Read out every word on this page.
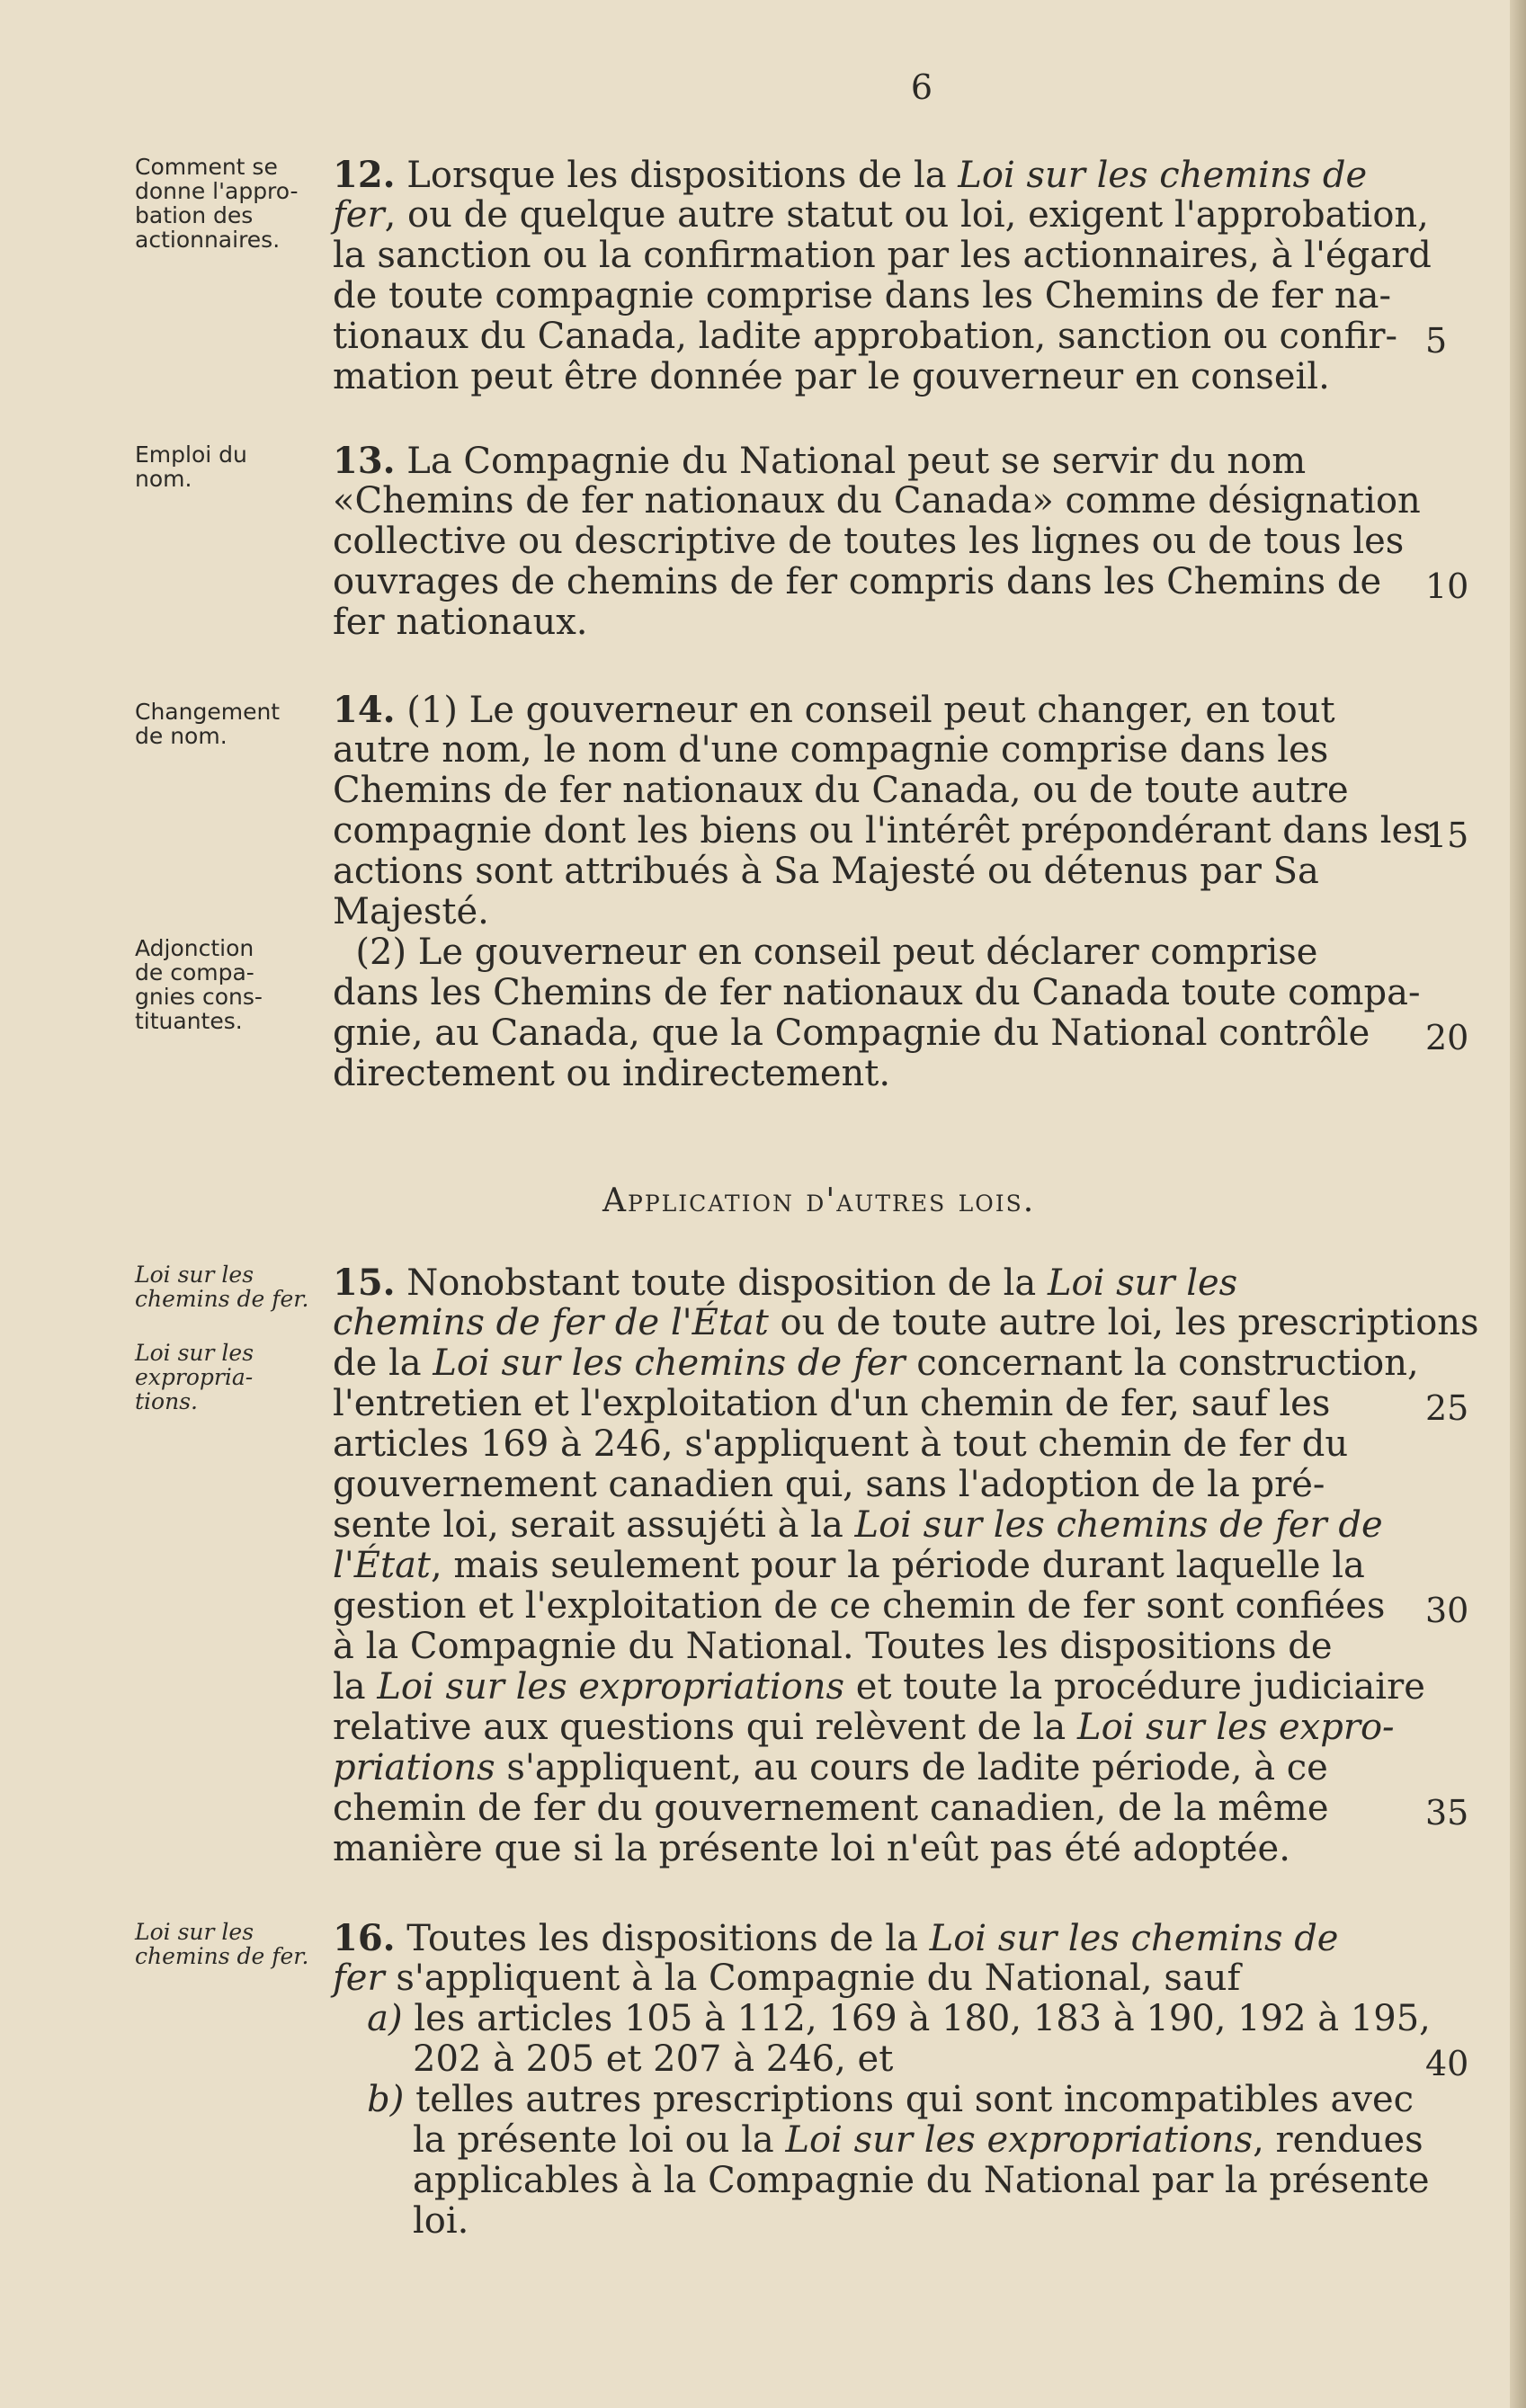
6
Application d'autres lois.
Comment se
donne l'appro-
bation des
actionnaires.
Emploi du
nom.
Changement
de nom.
Adjonction
de compa-
gnies cons-
tituantes.
Loi sur les
chemins de fer.
Loi sur les
expropria-
tions.
Loi sur les
chemins de fer.
12. Lorsque les dispositions de la Loi sur les chemins de
fer, ou de quelque autre statut ou loi, exigent l'approbation,
la sanction ou la confirmation par les actionnaires, à l'égard
de toute compagnie comprise dans les Chemins de fer na-
tionaux du Canada, ladite approbation, sanction ou confir-
mation peut être donnée par le gouverneur en conseil.
13. La Compagnie du National peut se servir du nom
«Chemins de fer nationaux du Canada» comme désignation
collective ou descriptive de toutes les lignes ou de tous les
ouvrages de chemins de fer compris dans les Chemins de
fer nationaux.
14. (1) Le gouverneur en conseil peut changer, en tout
autre nom, le nom d'une compagnie comprise dans les
Chemins de fer nationaux du Canada, ou de toute autre
compagnie dont les biens ou l'intérêt prépondérant dans les
actions sont attribués à Sa Majesté ou détenus par Sa
Majesté.
(2) Le gouverneur en conseil peut déclarer comprise
dans les Chemins de fer nationaux du Canada toute compa-
gnie, au Canada, que la Compagnie du National contrôle
directement ou indirectement.
15. Nonobstant toute disposition de la Loi sur les
chemins de fer de l'État ou de toute autre loi, les prescriptions
de la Loi sur les chemins de fer concernant la construction,
l'entretien et l'exploitation d'un chemin de fer, sauf les
articles 169 à 246, s'appliquent à tout chemin de fer du
gouvernement canadien qui, sans l'adoption de la pré-
sente loi, serait assujéti à la Loi sur les chemins de fer de
l'État, mais seulement pour la période durant laquelle la
gestion et l'exploitation de ce chemin de fer sont confiées
à la Compagnie du National. Toutes les dispositions de
la Loi sur les expropriations et toute la procédure judiciaire
relative aux questions qui relèvent de la Loi sur les expro-
priations s'appliquent, au cours de ladite période, à ce
chemin de fer du gouvernement canadien, de la même
manière que si la présente loi n'eût pas été adoptée.
16. Toutes les dispositions de la Loi sur les chemins de
fer s'appliquent à la Compagnie du National, sauf
a) les articles 105 à 112, 169 à 180, 183 à 190, 192 à 195,
202 à 205 et 207 à 246, et
b) telles autres prescriptions qui sont incompatibles avec
la présente loi ou la Loi sur les expropriations, rendues
applicables à la Compagnie du National par la présente
loi.
5
10
15
20
25
30
35
40
